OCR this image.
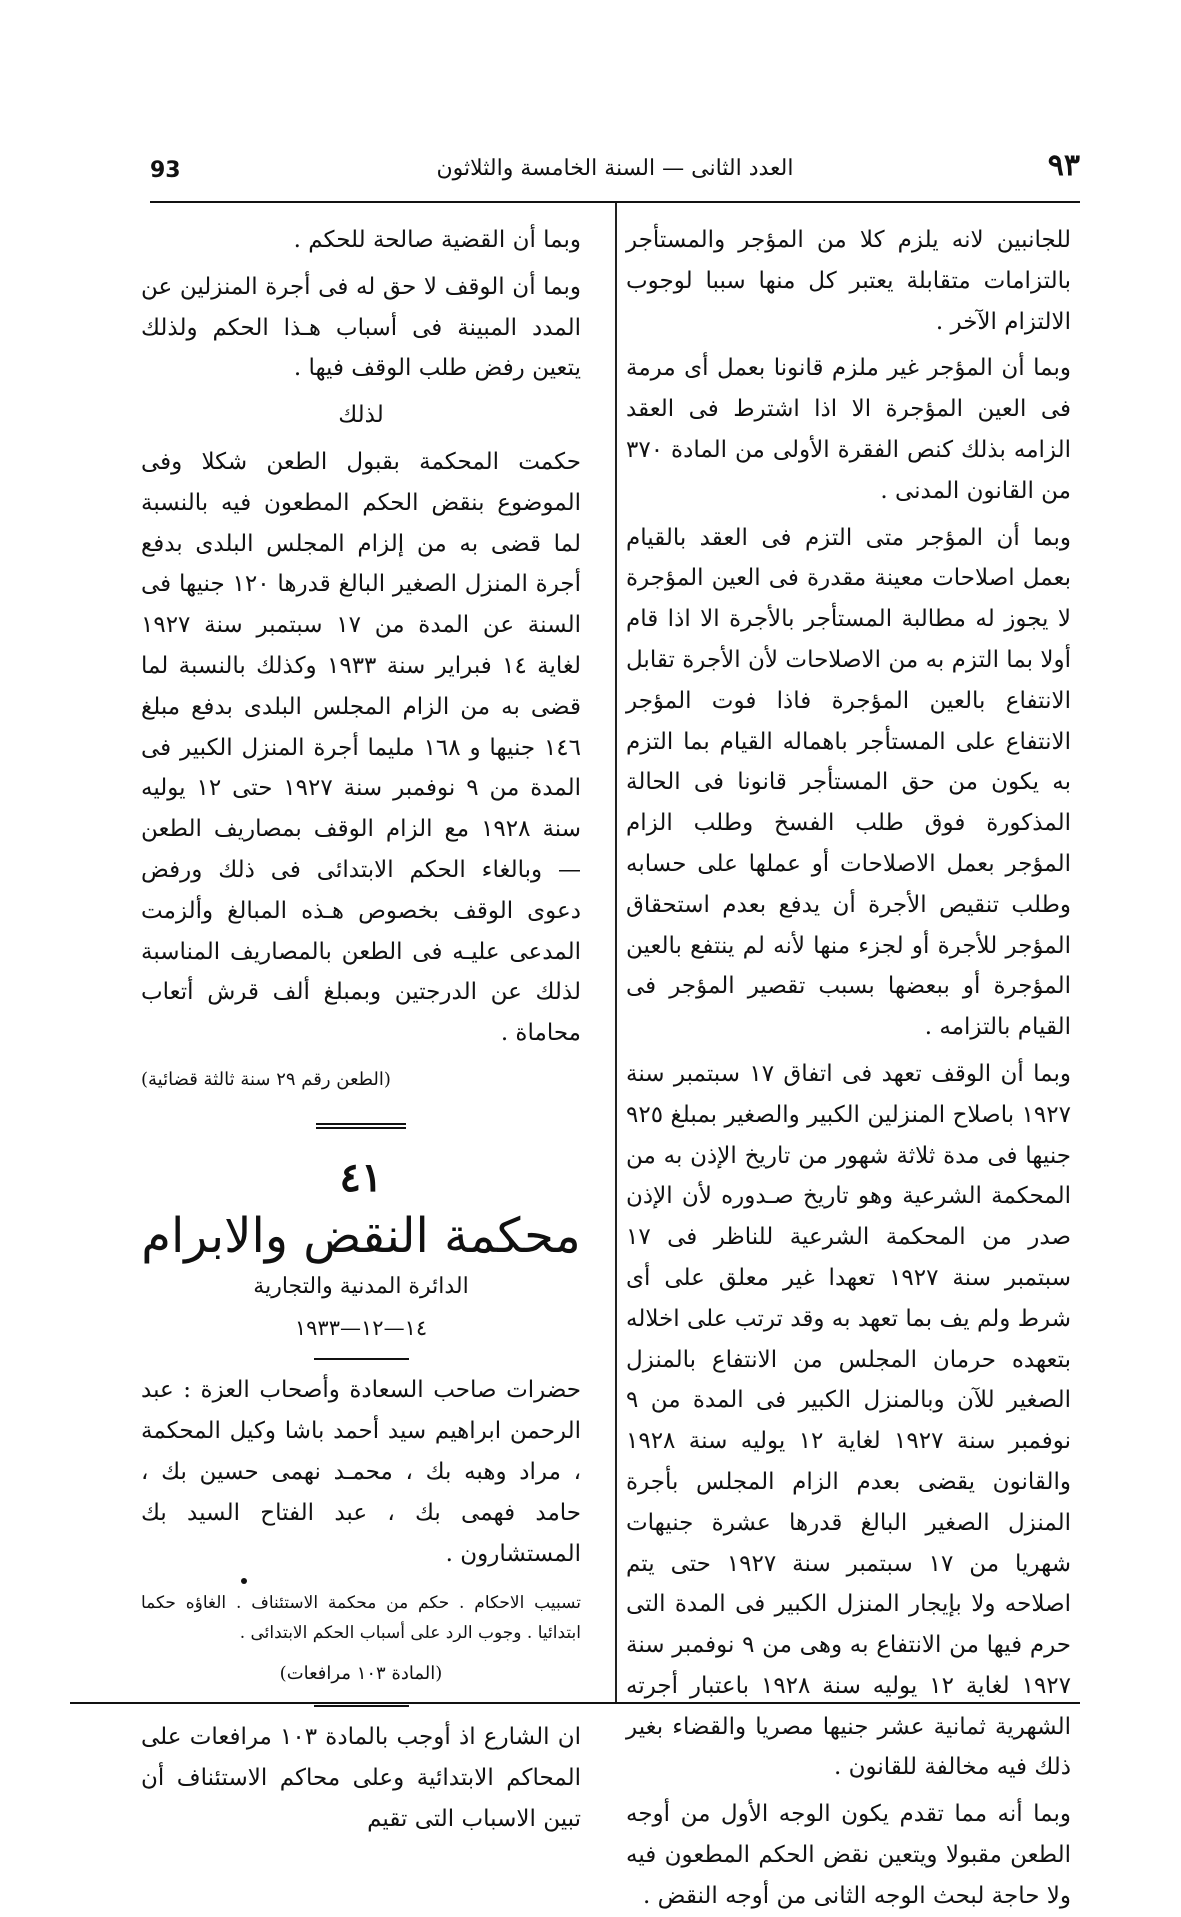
٩٣
العدد الثانى — السنة الخامسة والثلاثون
93

للجانبين لانه يلزم كلا من المؤجر والمستأجر بالتزامات متقابلة يعتبر كل منها سببا لوجوب الالتزام الآخر .

وبما أن المؤجر غير ملزم قانونا بعمل أى مرمة فى العين المؤجرة الا اذا اشترط فى العقد الزامه بذلك كنص الفقرة الأولى من المادة ٣٧٠ من القانون المدنى .

وبما أن المؤجر متى التزم فى العقد بالقيام بعمل اصلاحات معينة مقدرة فى العين المؤجرة لا يجوز له مطالبة المستأجر بالأجرة الا اذا قام أولا بما التزم به من الاصلاحات لأن الأجرة تقابل الانتفاع بالعين المؤجرة فاذا فوت المؤجر الانتفاع على المستأجر باهماله القيام بما التزم به يكون من حق المستأجر قانونا فى الحالة المذكورة فوق طلب الفسخ وطلب الزام المؤجر بعمل الاصلاحات أو عملها على حسابه وطلب تنقيص الأجرة أن يدفع بعدم استحقاق المؤجر للأجرة أو لجزء منها لأنه لم ينتفع بالعين المؤجرة أو ببعضها بسبب تقصير المؤجر فى القيام بالتزامه .

وبما أن الوقف تعهد فى اتفاق ١٧ سبتمبر سنة ١٩٢٧ باصلاح المنزلين الكبير والصغير بمبلغ ٩٢٥ جنيها فى مدة ثلاثة شهور من تاريخ الإذن به من المحكمة الشرعية وهو تاريخ صـدوره لأن الإذن صدر من المحكمة الشرعية للناظر فى ١٧ سبتمبر سنة ١٩٢٧ تعهدا غير معلق على أى شرط ولم يف بما تعهد به وقد ترتب على اخلاله بتعهده حرمان المجلس من الانتفاع بالمنزل الصغير للآن وبالمنزل الكبير فى المدة من ٩ نوفمبر سنة ١٩٢٧ لغاية ١٢ يوليه سنة ١٩٢٨ والقانون يقضى بعدم الزام المجلس بأجرة المنزل الصغير البالغ قدرها عشرة جنيهات شهريا من ١٧ سبتمبر سنة ١٩٢٧ حتى يتم اصلاحه ولا بإيجار المنزل الكبير فى المدة التى حرم فيها من الانتفاع به وهى من ٩ نوفمبر سنة ١٩٢٧ لغاية ١٢ يوليه سنة ١٩٢٨ باعتبار أجرته الشهرية ثمانية عشر جنيها مصريا والقضاء بغير ذلك فيه مخالفة للقانون .

وبما أنه مما تقدم يكون الوجه الأول من أوجه الطعن مقبولا ويتعين نقض الحكم المطعون فيه ولا حاجة لبحث الوجه الثانى من أوجه النقض .

وبما أن القضية صالحة للحكم .

وبما أن الوقف لا حق له فى أجرة المنزلين عن المدد المبينة فى أسباب هـذا الحكم ولذلك يتعين رفض طلب الوقف فيها .

لذلك

حكمت المحكمة بقبول الطعن شكلا وفى الموضوع بنقض الحكم المطعون فيه بالنسبة لما قضى به من إلزام المجلس البلدى بدفع أجرة المنزل الصغير البالغ قدرها ١٢٠ جنيها فى السنة عن المدة من ١٧ سبتمبر سنة ١٩٢٧ لغاية ١٤ فبراير سنة ١٩٣٣ وكذلك بالنسبة لما قضى به من الزام المجلس البلدى بدفع مبلغ ١٤٦ جنيها و ١٦٨ مليما أجرة المنزل الكبير فى المدة من ٩ نوفمبر سنة ١٩٢٧ حتى ١٢ يوليه سنة ١٩٢٨ مع الزام الوقف بمصاريف الطعن — وبالغاء الحكم الابتدائى فى ذلك ورفض دعوى الوقف بخصوص هـذه المبالغ وألزمت المدعى عليـه فى الطعن بالمصاريف المناسبة لذلك عن الدرجتين وبمبلغ ألف قرش أتعاب محاماة .

(الطعن رقم ٢٩ سنة ثالثة قضائية)

٤١
محكمة النقض والابرام
الدائرة المدنية والتجارية
١٤—١٢—١٩٣٣

حضرات صاحب السعادة وأصحاب العزة : عبد الرحمن ابراهيم سيد أحمد باشا وكيل المحكمة ، مراد وهبه بك ، محمـد نهمى حسين بك ، حامد فهمى بك ، عبد الفتاح السيد بك المستشارون .

تسبيب الاحكام . حكم من محكمة الاستئناف . الغاؤه حكما ابتدائيا . وجوب الرد على أسباب الحكم الابتدائى .

(المادة ١٠٣ مرافعات)

ان الشارع اذ أوجب بالمادة ١٠٣ مرافعات على المحاكم الابتدائية وعلى محاكم الاستئناف أن تبين الاسباب التى تقيم
